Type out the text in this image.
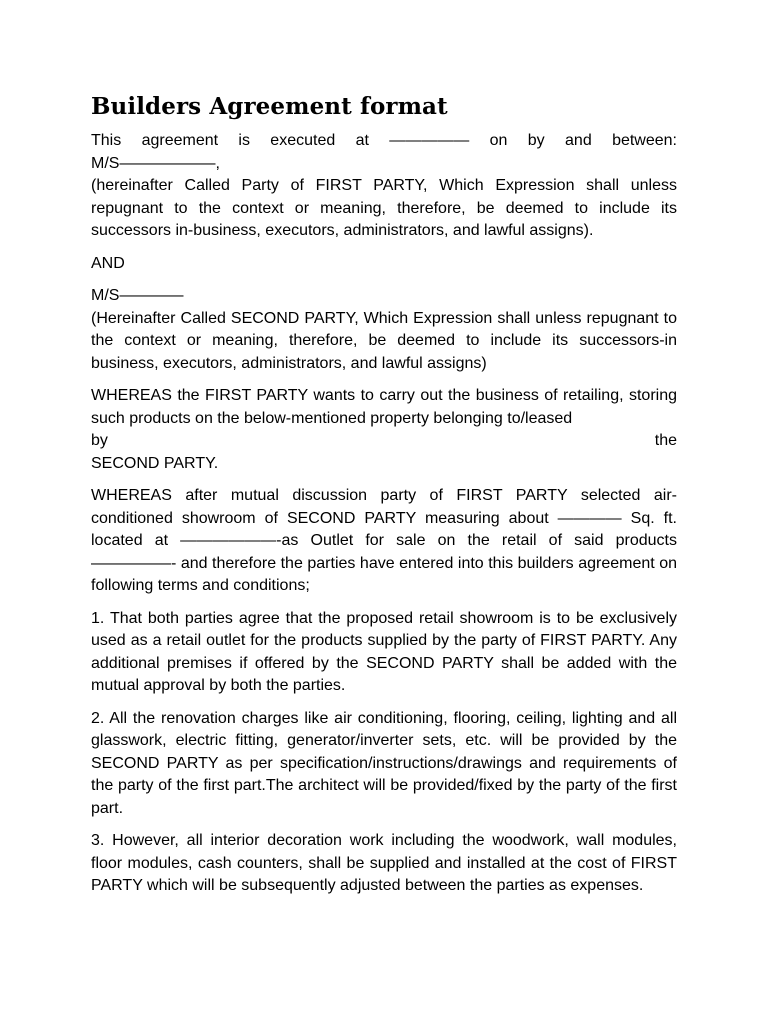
Builders Agreement format
This agreement is executed at ————— on by and between:
M/S——————,
(hereinafter Called Party of FIRST PARTY, Which Expression shall unless repugnant to the context or meaning, therefore, be deemed to include its successors in-business, executors, administrators, and lawful assigns).
AND
M/S————
(Hereinafter Called SECOND PARTY, Which Expression shall unless repugnant to the context or meaning, therefore, be deemed to include its successors-in business, executors, administrators, and lawful assigns)
WHEREAS the FIRST PARTY wants to carry out the business of retailing, storing such products on the below-mentioned property belonging to/leased
by	the
SECOND PARTY.
WHEREAS after mutual discussion party of FIRST PARTY selected air-conditioned showroom of SECOND PARTY measuring about ———— Sq. ft. located at ——————-as Outlet for sale on the retail of said products —————- and therefore the parties have entered into this builders agreement on following terms and conditions;
1. That both parties agree that the proposed retail showroom is to be exclusively used as a retail outlet for the products supplied by the party of FIRST PARTY. Any additional premises if offered by the SECOND PARTY shall be added with the mutual approval by both the parties.
2. All the renovation charges like air conditioning, flooring, ceiling, lighting and all glasswork, electric fitting, generator/inverter sets, etc. will be provided by the SECOND PARTY as per specification/instructions/drawings and requirements of the party of the first part.The architect will be provided/fixed by the party of the first part.
3. However, all interior decoration work including the woodwork, wall modules, floor modules, cash counters, shall be supplied and installed at the cost of FIRST PARTY which will be subsequently adjusted between the parties as expenses.
